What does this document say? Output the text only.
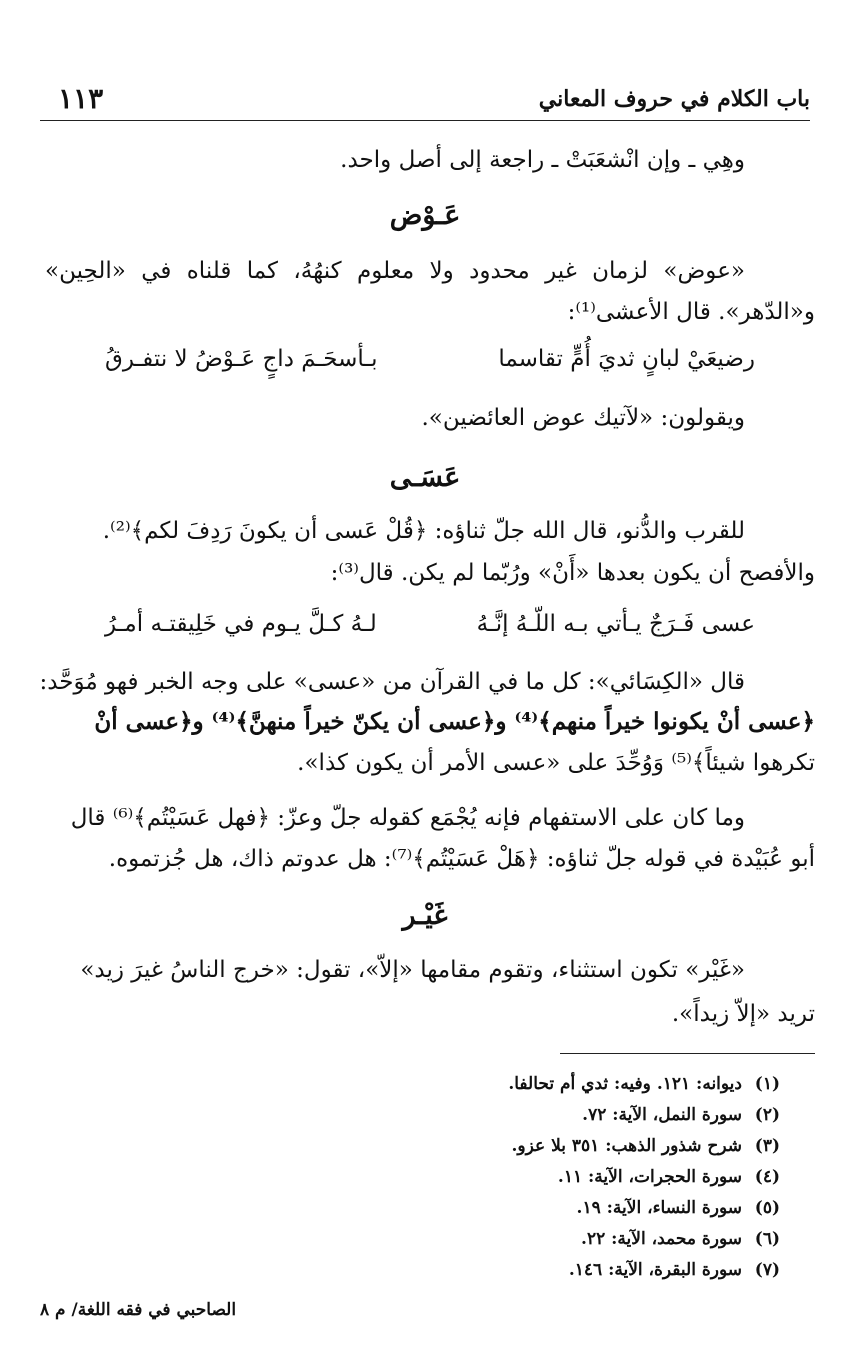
باب الكلام في حروف المعاني
١١٣
وهِي ـ وإن انْشعَبَتْ ـ راجعة إلى أصل واحد.
عَـوْض
«عوض» لزمان غير محدود ولا معلوم كنهُهُ، كما قلناه في «الحِين»
و«الدّهر». قال الأعشى⁽¹⁾:
رضيعَيْ لبانٍ ثديَ أُمٍّ تقاسما
بـأسحَـمَ داجٍ عَـوْضُ لا نتفـرقُ
ويقولون: «لآتيك عوض العائضين».
عَسَـى
للقرب والدُّنو، قال الله جلّ ثناؤه: ﴿قُلْ عَسى أن يكونَ رَدِفَ لكم﴾⁽²⁾.
والأفصح أن يكون بعدها «أَنْ» ورُبّما لم يكن. قال⁽³⁾:
عسى فَـرَجٌ يـأتي بـه اللّـهُ إنَّـهُ
لـهُ كـلَّ يـوم في خَلِيقتـه أمـرُ
قال «الكِسَائي»: كل ما في القرآن من «عسى» على وجه الخبر فهو مُوَحَّد:
﴿عسى أنْ يكونوا خيراً منهم﴾⁽⁴⁾ و﴿عسى أن يكنّ خيراً منهنَّ﴾⁽⁴⁾ و﴿عسى أنْ
تكرهوا شيئاً﴾⁽⁵⁾ وَوُحِّدَ على «عسى الأمر أن يكون كذا».
وما كان على الاستفهام فإنه يُجْمَع كقوله جلّ وعزّ: ﴿فهل عَسَيْتُم﴾⁽⁶⁾ قال
أبو عُبَيْدة في قوله جلّ ثناؤه: ﴿هَلْ عَسَيْتُم﴾⁽⁷⁾: هل عدوتم ذاك، هل جُزتموه.
غَيْـر
«غَيْر» تكون استثناء، وتقوم مقامها «إلاّ»، تقول: «خرج الناسُ غيرَ زيد»
تريد «إلاّ زيداً».
(١)ديوانه: ١٢١. وفيه: ثدي أم تحالفا.
(٢)سورة النمل، الآية: ٧٢.
(٣)شرح شذور الذهب: ٣٥١ بلا عزو.
(٤)سورة الحجرات، الآية: ١١.
(٥)سورة النساء، الآية: ١٩.
(٦)سورة محمد، الآية: ٢٢.
(٧)سورة البقرة، الآية: ١٤٦.
الصاحبي في فقه اللغة/ م ٨
